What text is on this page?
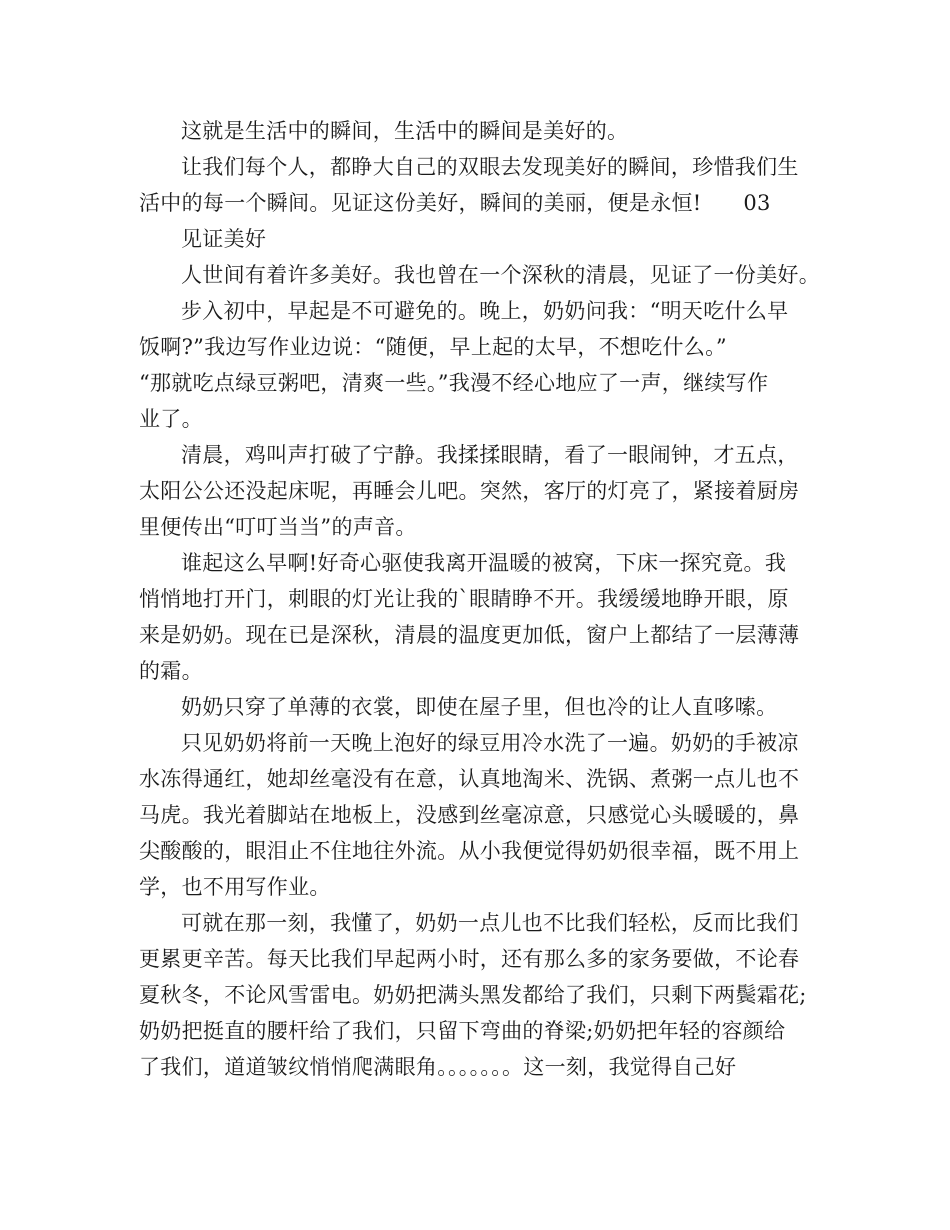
这就是生活中的瞬间，生活中的瞬间是美好的。
让我们每个人，都睁大自己的双眼去发现美好的瞬间，珍惜我们生
活中的每一个瞬间。见证这份美好，瞬间的美丽，便是永恒!      03
见证美好
人世间有着许多美好。我也曾在一个深秋的清晨，见证了一份美好。
步入初中，早起是不可避免的。晚上，奶奶问我：“明天吃什么早
饭啊?”我边写作业边说：“随便，早上起的太早，不想吃什么。”
“那就吃点绿豆粥吧，清爽一些。”我漫不经心地应了一声，继续写作
业了。
清晨，鸡叫声打破了宁静。我揉揉眼睛，看了一眼闹钟，才五点，
太阳公公还没起床呢，再睡会儿吧。突然，客厅的灯亮了，紧接着厨房
里便传出“叮叮当当”的声音。
谁起这么早啊!好奇心驱使我离开温暖的被窝，下床一探究竟。我
悄悄地打开门，刺眼的灯光让我的`眼睛睁不开。我缓缓地睁开眼，原
来是奶奶。现在已是深秋，清晨的温度更加低，窗户上都结了一层薄薄
的霜。
奶奶只穿了单薄的衣裳，即使在屋子里，但也冷的让人直哆嗦。
只见奶奶将前一天晚上泡好的绿豆用冷水洗了一遍。奶奶的手被凉
水冻得通红，她却丝毫没有在意，认真地淘米、洗锅、煮粥一点儿也不
马虎。我光着脚站在地板上，没感到丝毫凉意，只感觉心头暖暖的，鼻
尖酸酸的，眼泪止不住地往外流。从小我便觉得奶奶很幸福，既不用上
学，也不用写作业。
可就在那一刻，我懂了，奶奶一点儿也不比我们轻松，反而比我们
更累更辛苦。每天比我们早起两小时，还有那么多的家务要做，不论春
夏秋冬，不论风雪雷电。奶奶把满头黑发都给了我们，只剩下两鬓霜花;
奶奶把挺直的腰杆给了我们，只留下弯曲的脊梁;奶奶把年轻的容颜给
了我们，道道皱纹悄悄爬满眼角。。。。。。。这一刻，我觉得自己好
